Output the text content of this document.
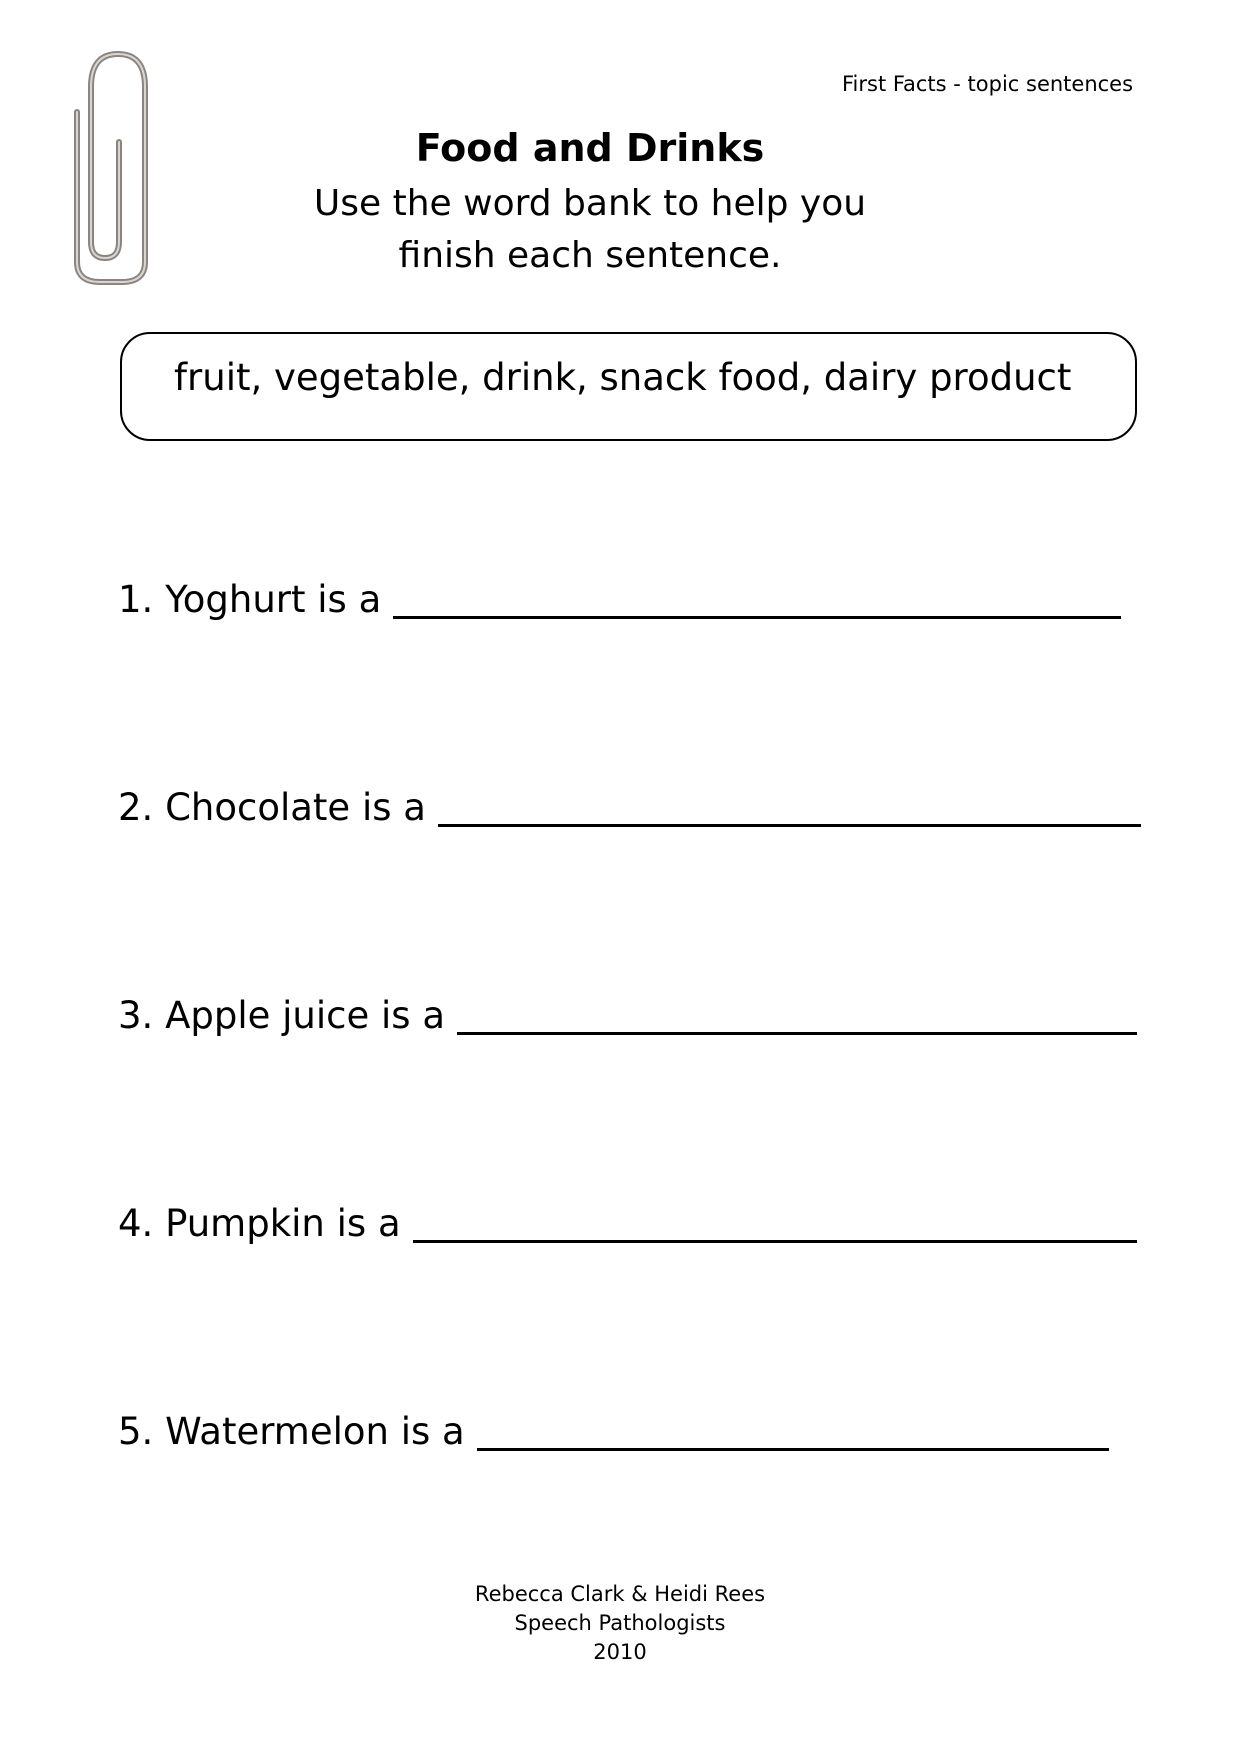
First Facts - topic sentences
Food and Drinks
Use the word bank to help you
finish each sentence.
fruit, vegetable, drink, snack food, dairy product
1. Yoghurt is a
2. Chocolate is a
3. Apple juice is a
4. Pumpkin is a
5. Watermelon is a
Rebecca Clark & Heidi Rees
Speech Pathologists
2010
